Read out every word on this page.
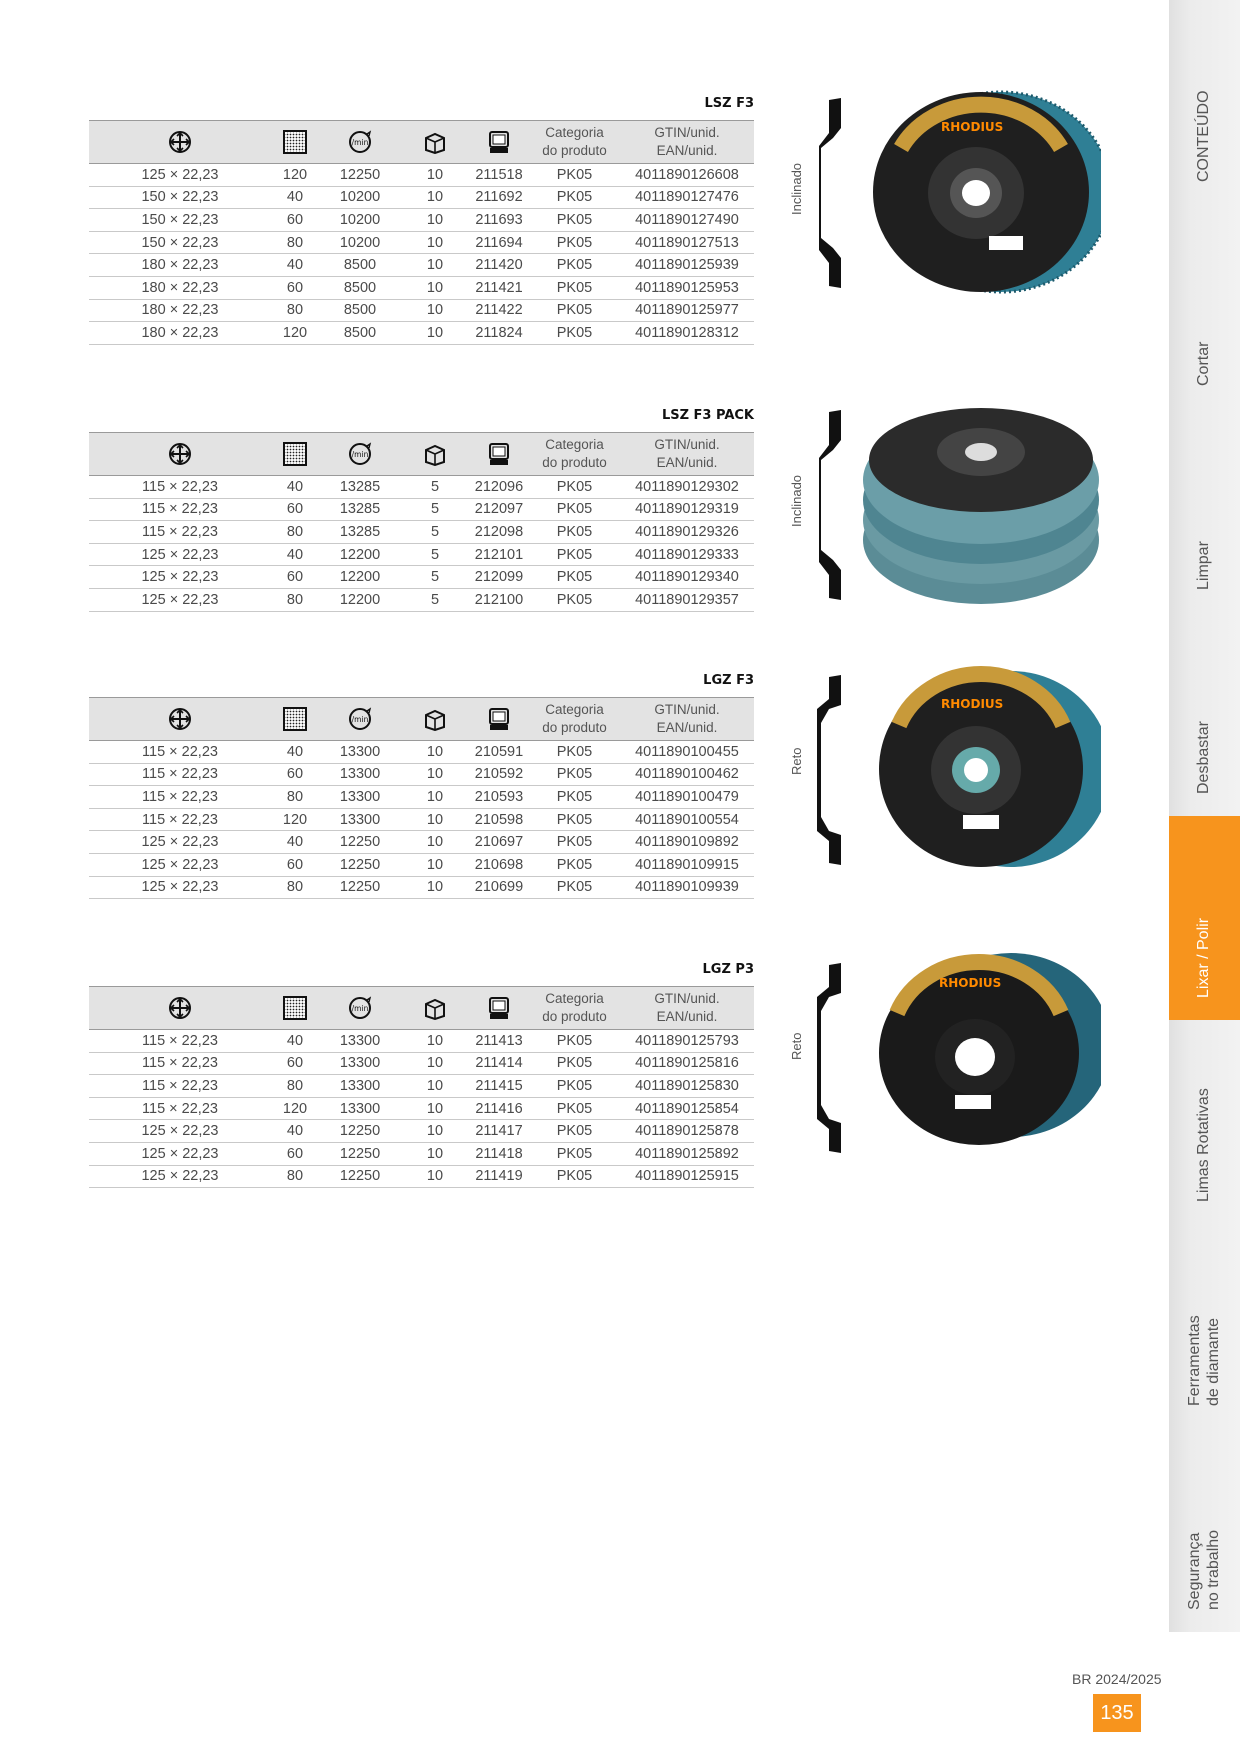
LSZ F3

/min			Categoria
do produto	GTIN/unid.
EAN/unid.
125 × 22,23	120	12250	10	211518	PK05	4011890126608
150 × 22,23	40	10200	10	211692	PK05	4011890127476
150 × 22,23	60	10200	10	211693	PK05	4011890127490
150 × 22,23	80	10200	10	211694	PK05	4011890127513
180 × 22,23	40	8500	10	211420	PK05	4011890125939
180 × 22,23	60	8500	10	211421	PK05	4011890125953
180 × 22,23	80	8500	10	211422	PK05	4011890125977
180 × 22,23	120	8500	10	211824	PK05	4011890128312
LSZ F3 PACK

/min			Categoria
do produto	GTIN/unid.
EAN/unid.
115 × 22,23	40	13285	5	212096	PK05	4011890129302
115 × 22,23	60	13285	5	212097	PK05	4011890129319
115 × 22,23	80	13285	5	212098	PK05	4011890129326
125 × 22,23	40	12200	5	212101	PK05	4011890129333
125 × 22,23	60	12200	5	212099	PK05	4011890129340
125 × 22,23	80	12200	5	212100	PK05	4011890129357
LGZ F3

/min			Categoria
do produto	GTIN/unid.
EAN/unid.
115 × 22,23	40	13300	10	210591	PK05	4011890100455
115 × 22,23	60	13300	10	210592	PK05	4011890100462
115 × 22,23	80	13300	10	210593	PK05	4011890100479
115 × 22,23	120	13300	10	210598	PK05	4011890100554
125 × 22,23	40	12250	10	210697	PK05	4011890109892
125 × 22,23	60	12250	10	210698	PK05	4011890109915
125 × 22,23	80	12250	10	210699	PK05	4011890109939
LGZ P3

/min			Categoria
do produto	GTIN/unid.
EAN/unid.
115 × 22,23	40	13300	10	211413	PK05	4011890125793
115 × 22,23	60	13300	10	211414	PK05	4011890125816
115 × 22,23	80	13300	10	211415	PK05	4011890125830
115 × 22,23	120	13300	10	211416	PK05	4011890125854
125 × 22,23	40	12250	10	211417	PK05	4011890125878
125 × 22,23	60	12250	10	211418	PK05	4011890125892
125 × 22,23	80	12250	10	211419	PK05	4011890125915
Inclinado
Inclinado
Reto
Reto
RHODIUS
RHODIUS
RHODIUS
CONTEÚDO
Cortar
Limpar
Desbastar
Lixar / Polir
Limas Rotativas
Ferramentas de diamante
Segurança no trabalho
BR 2024/2025
135
